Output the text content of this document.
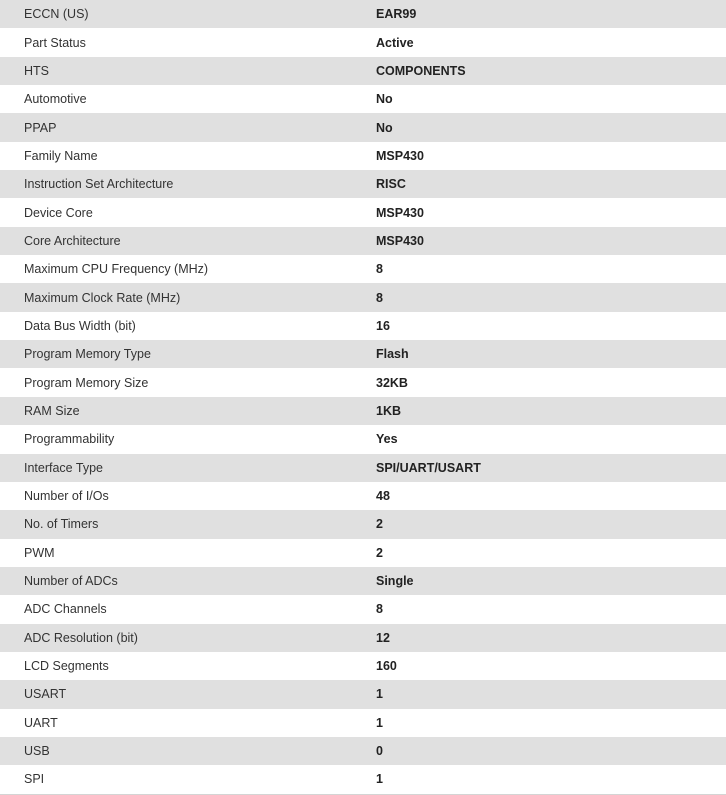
ECCN (US)	EAR99
Part Status	Active
HTS	COMPONENTS
Automotive	No
PPAP	No
Family Name	MSP430
Instruction Set Architecture	RISC
Device Core	MSP430
Core Architecture	MSP430
Maximum CPU Frequency (MHz)	8
Maximum Clock Rate (MHz)	8
Data Bus Width (bit)	16
Program Memory Type	Flash
Program Memory Size	32KB
RAM Size	1KB
Programmability	Yes
Interface Type	SPI/UART/USART
Number of I/Os	48
No. of Timers	2
PWM	2
Number of ADCs	Single
ADC Channels	8
ADC Resolution (bit)	12
LCD Segments	160
USART	1
UART	1
USB	0
SPI	1
